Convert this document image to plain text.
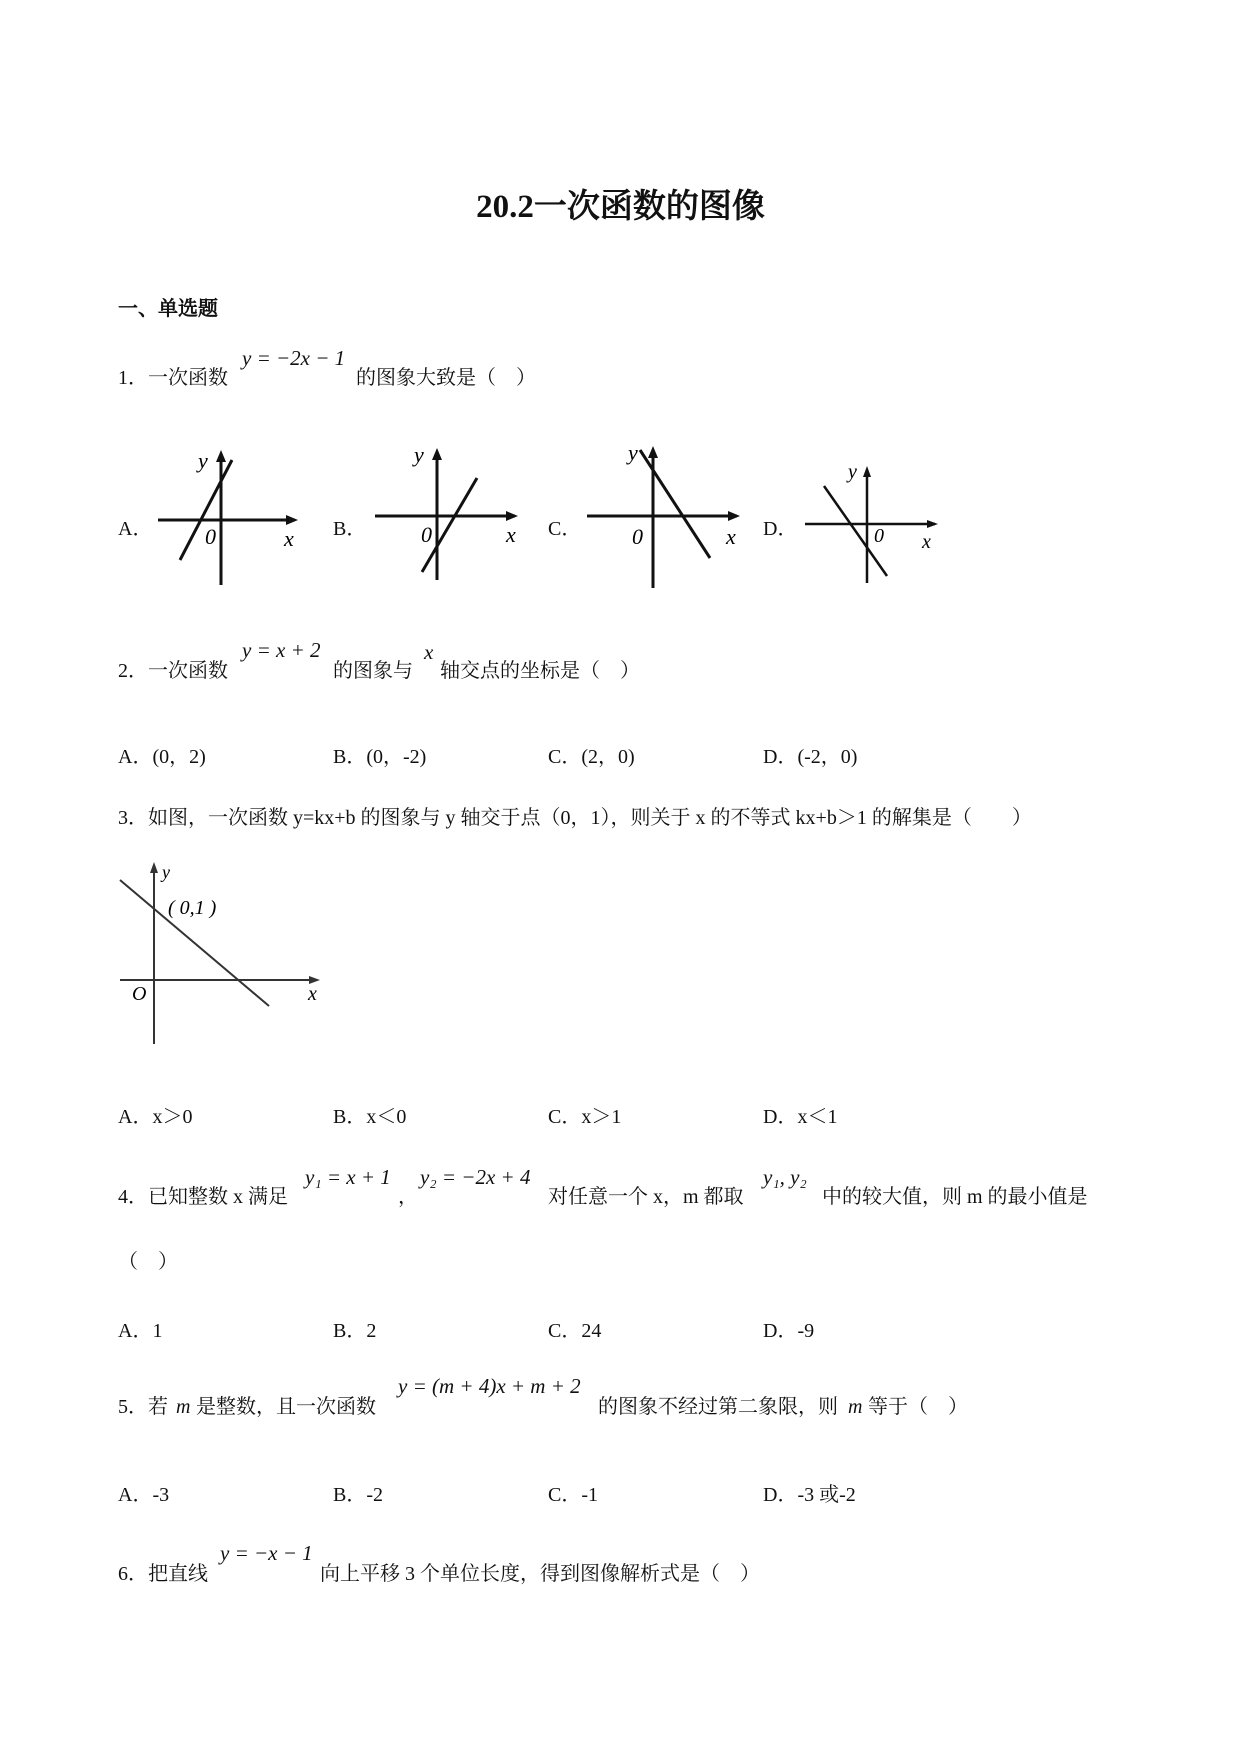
20.2一次函数的图像
一、单选题
1．一次函数
y = −2x − 1
的图象大致是（　）
A．	B．	C．	D．
y
x
0
y
x
0
y
x
0
y
x
0
2．一次函数
y = x + 2
的图象与
x
轴交点的坐标是（　）
A．(0，2)	B．(0，-2)	C．(2，0)	D．(-2，0)
3．如图，一次函数 y=kx+b 的图象与 y 轴交于点（0，1），则关于 x 的不等式 kx+b＞1 的解集是（　　）
y
x
O
( 0,1 )
A．x＞0	B．x＜0	C．x＞1	D．x＜1
4．已知整数 x 满足
y₁ = x + 1
，
y₂ = −2x + 4
对任意一个 x，m 都取
y₁, y₂
中的较大值，则 m 的最小值是
（　）
A．1	B．2	C．24	D．-9
5．若 m 是整数，且一次函数
y = (m + 4)x + m + 2
的图象不经过第二象限，则 m 等于（　）
A．-3	B．-2	C．-1	D．-3 或-2
6．把直线
y = −x − 1
向上平移 3 个单位长度，得到图像解析式是（　）
